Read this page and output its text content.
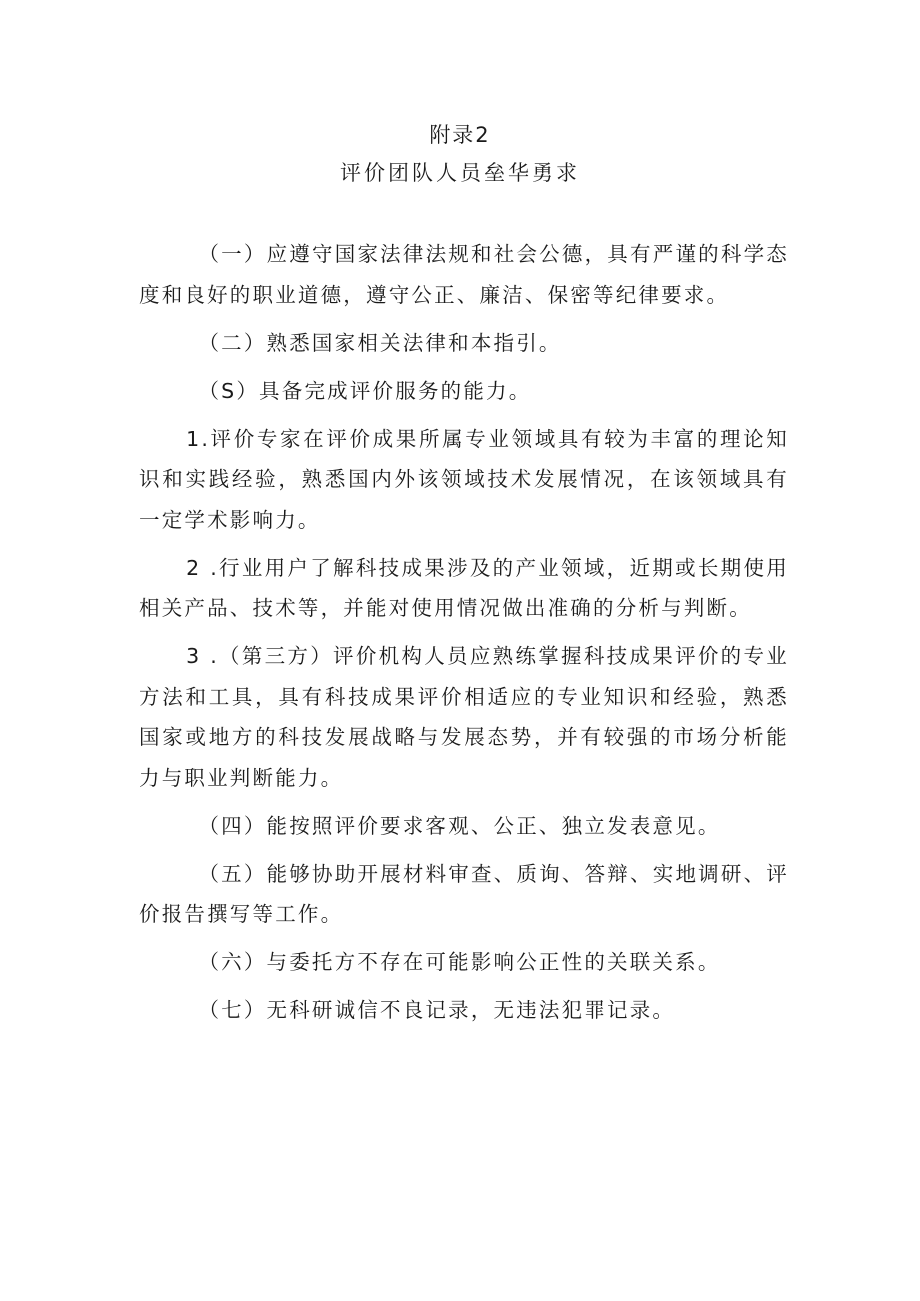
附录2
评价团队人员垒华勇求

（一）应遵守国家法律法规和社会公德，具有严谨的科学态度和良好的职业道德，遵守公正、廉洁、保密等纪律要求。

（二）熟悉国家相关法律和本指引。

（S）具备完成评价服务的能力。

1.评价专家在评价成果所属专业领域具有较为丰富的理论知识和实践经验，熟悉国内外该领域技术发展情况，在该领域具有一定学术影响力。

2 .行业用户了解科技成果涉及的产业领域，近期或长期使用相关产品、技术等，并能对使用情况做出准确的分析与判断。

3 .（第三方）评价机构人员应熟练掌握科技成果评价的专业方法和工具，具有科技成果评价相适应的专业知识和经验，熟悉国家或地方的科技发展战略与发展态势，并有较强的市场分析能力与职业判断能力。

（四）能按照评价要求客观、公正、独立发表意见。

（五）能够协助开展材料审查、质询、答辩、实地调研、评价报告撰写等工作。

（六）与委托方不存在可能影响公正性的关联关系。

（七）无科研诚信不良记录，无违法犯罪记录。
